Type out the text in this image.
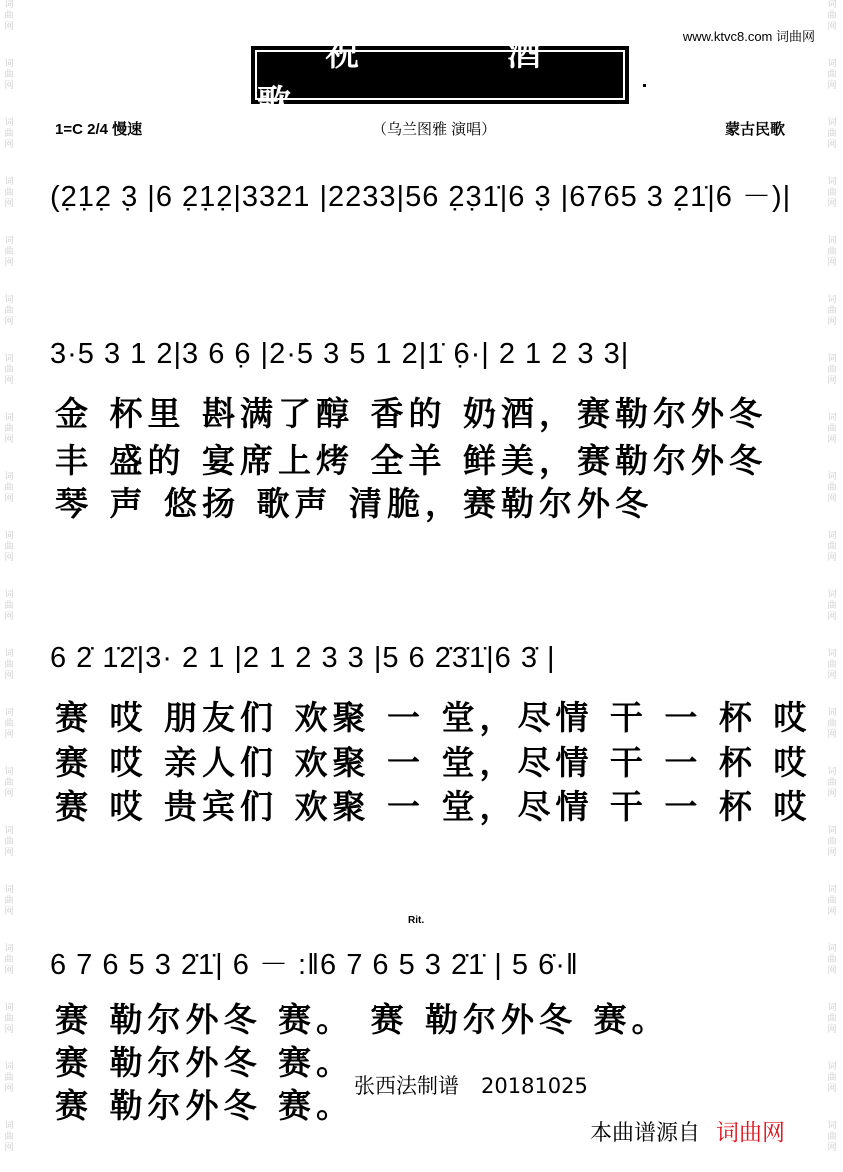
词
曲
网
词
曲
网
词
曲
网
词
曲
网
词
曲
网
词
曲
网
词
曲
网
词
曲
网
词
曲
网
词
曲
网
词
曲
网
词
曲
网
词
曲
网
词
曲
网
词
曲
网
词
曲
网
词
曲
网
词
曲
网
词
曲
网
词
曲
网
词
曲
网
词
曲
网
词
曲
网
词
曲
网
词
曲
网
词
曲
网
词
曲
网
词
曲
网
词
曲
网
词
曲
网
词
曲
网
词
曲
网
词
曲
网
词
曲
网
词
曲
网
词
曲
网
词
曲
网
词
曲
网
词
曲
网
词
曲
网
www.ktvc8.com 词曲网
祝 酒 歌
1=C 2/4 慢速	（乌兰图雅 演唱）	蒙古民歌
(2̣1̣2̣ 3̣ |6 2̣1̣2̣|3321 |2233|56 2̣3̣1̇|6 3̣ |6765 3 2̣1̇|6 －)|
3·5 3 1 2|3 6 6̣ |2·5 3 5 1 2|1̇ 6̣·| 2 1 2 3 3|
6 2̇ 1̇2̇|3· 2 1 |2 1 2 3 3 |5 6 2̇3̇1̇|6 3̇ |
Rit.
6 7 6 5 3 2̇1̇| 6 － :‖6 7 6 5 3 2̇1̇ | 5 6̇·‖
金 杯里 斟满了醇 香的 奶酒，赛勒尔外冬
丰 盛的 宴席上烤 全羊 鲜美，赛勒尔外冬
琴 声 悠扬 歌声 清脆，赛勒尔外冬
赛 哎 朋友们 欢聚 一 堂，尽情 干 一 杯 哎
赛 哎 亲人们 欢聚 一 堂，尽情 干 一 杯 哎
赛 哎 贵宾们 欢聚 一 堂，尽情 干 一 杯 哎
赛 勒尔外冬 赛。 赛 勒尔外冬 赛。
赛 勒尔外冬 赛。
赛 勒尔外冬 赛。 张西法制谱 20181025
本曲谱源自 词曲网
